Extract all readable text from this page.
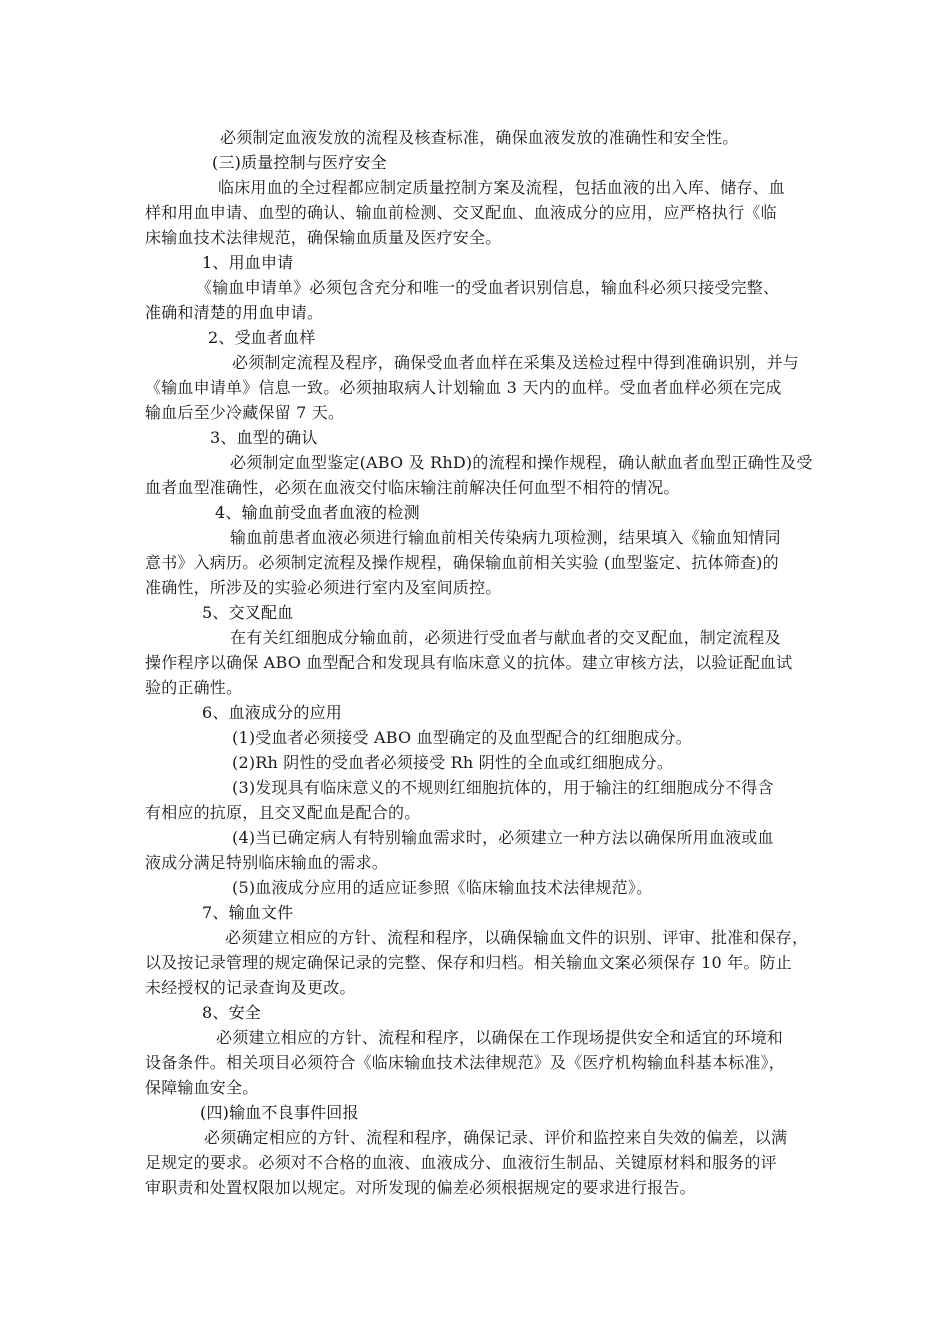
必须制定血液发放的流程及核查标准，确保血液发放的准确性和安全性。

(三)质量控制与医疗安全

临床用血的全过程都应制定质量控制方案及流程，包括血液的出入库、储存、血

样和用血申请、血型的确认、输血前检测、交叉配血、血液成分的应用，应严格执行《临

床输血技术法律规范，确保输血质量及医疗安全。

1、用血申请

《输血申请单》必须包含充分和唯一的受血者识别信息，输血科必须只接受完整、

准确和清楚的用血申请。

2、受血者血样

必须制定流程及程序，确保受血者血样在采集及送检过程中得到准确识别，并与

《输血申请单》信息一致。必须抽取病人计划输血 3 天内的血样。受血者血样必须在完成

输血后至少冷藏保留 7 天。

3、血型的确认

必须制定血型鉴定(ABO 及 RhD)的流程和操作规程，确认献血者血型正确性及受

血者血型准确性，必须在血液交付临床输注前解决任何血型不相符的情况。

4、输血前受血者血液的检测

输血前患者血液必须进行输血前相关传染病九项检测，结果填入《输血知情同

意书》入病历。必须制定流程及操作规程，确保输血前相关实验 (血型鉴定、抗体筛查)的

准确性，所涉及的实验必须进行室内及室间质控。

5、交叉配血

在有关红细胞成分输血前，必须进行受血者与献血者的交叉配血，制定流程及

操作程序以确保 ABO 血型配合和发现具有临床意义的抗体。建立审核方法，以验证配血试

验的正确性。

6、血液成分的应用

(1)受血者必须接受 ABO 血型确定的及血型配合的红细胞成分。

(2)Rh 阴性的受血者必须接受 Rh 阴性的全血或红细胞成分。

(3)发现具有临床意义的不规则红细胞抗体的，用于输注的红细胞成分不得含

有相应的抗原，且交叉配血是配合的。

(4)当已确定病人有特别输血需求时，必须建立一种方法以确保所用血液或血

液成分满足特别临床输血的需求。

(5)血液成分应用的适应证参照《临床输血技术法律规范》。

7、输血文件

必须建立相应的方针、流程和程序，以确保输血文件的识别、评审、批准和保存，

以及按记录管理的规定确保记录的完整、保存和归档。相关输血文案必须保存 10 年。防止

未经授权的记录查询及更改。

8、安全

必须建立相应的方针、流程和程序，以确保在工作现场提供安全和适宜的环境和

设备条件。相关项目必须符合《临床输血技术法律规范》及《医疗机构输血科基本标准》，

保障输血安全。

(四)输血不良事件回报

必须确定相应的方针、流程和程序，确保记录、评价和监控来自失效的偏差，以满

足规定的要求。必须对不合格的血液、血液成分、血液衍生制品、关键原材料和服务的评

审职责和处置权限加以规定。对所发现的偏差必须根据规定的要求进行报告。
